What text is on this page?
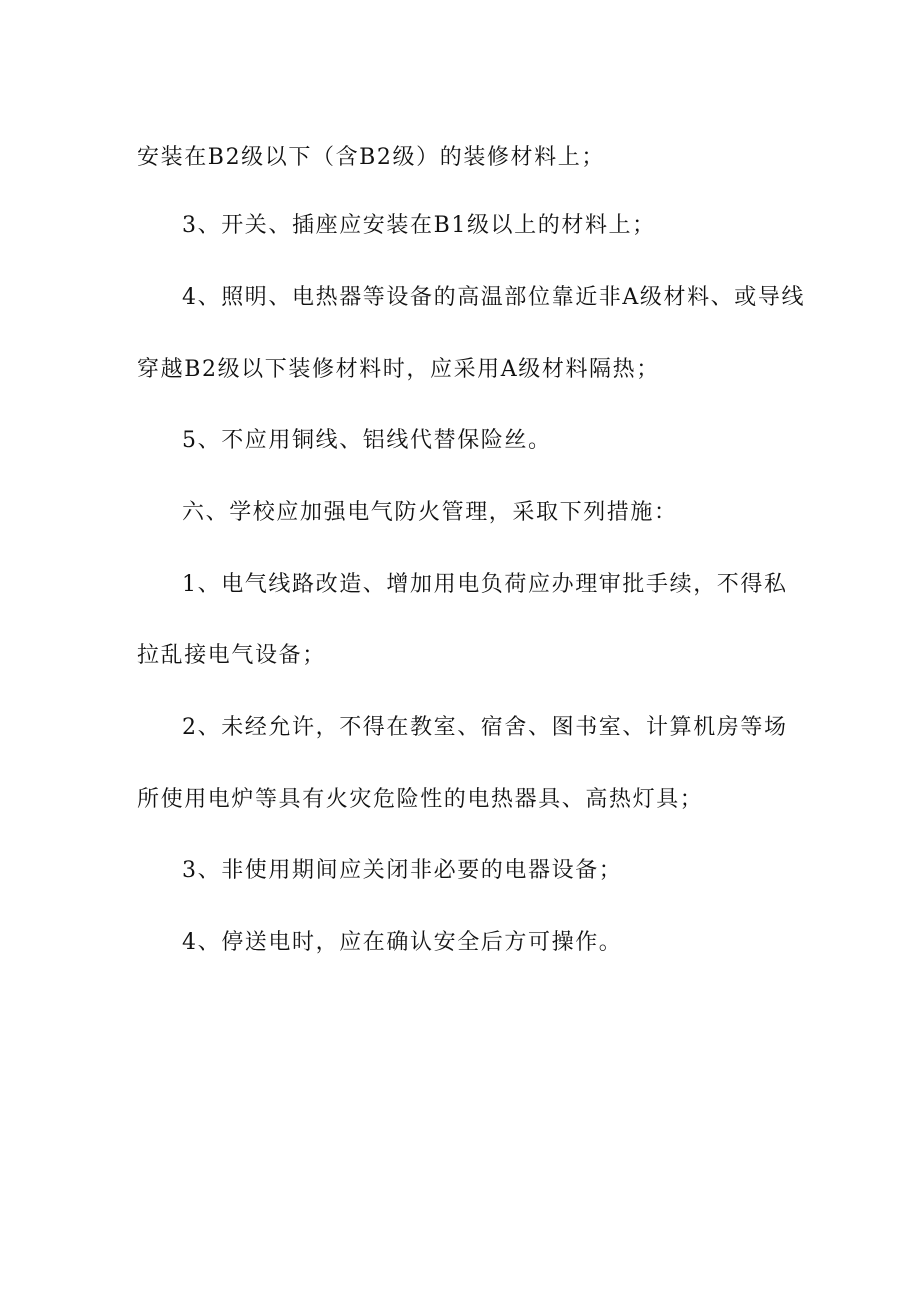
安装在B2级以下（含B2级）的装修材料上；

3、开关、插座应安装在B1级以上的材料上；

4、照明、电热器等设备的高温部位靠近非A级材料、或导线

穿越B2级以下装修材料时，应采用A级材料隔热；

5、不应用铜线、铝线代替保险丝。

六、学校应加强电气防火管理，采取下列措施：

1、电气线路改造、增加用电负荷应办理审批手续，不得私

拉乱接电气设备；

2、未经允许，不得在教室、宿舍、图书室、计算机房等场

所使用电炉等具有火灾危险性的电热器具、高热灯具；

3、非使用期间应关闭非必要的电器设备；

4、停送电时，应在确认安全后方可操作。
